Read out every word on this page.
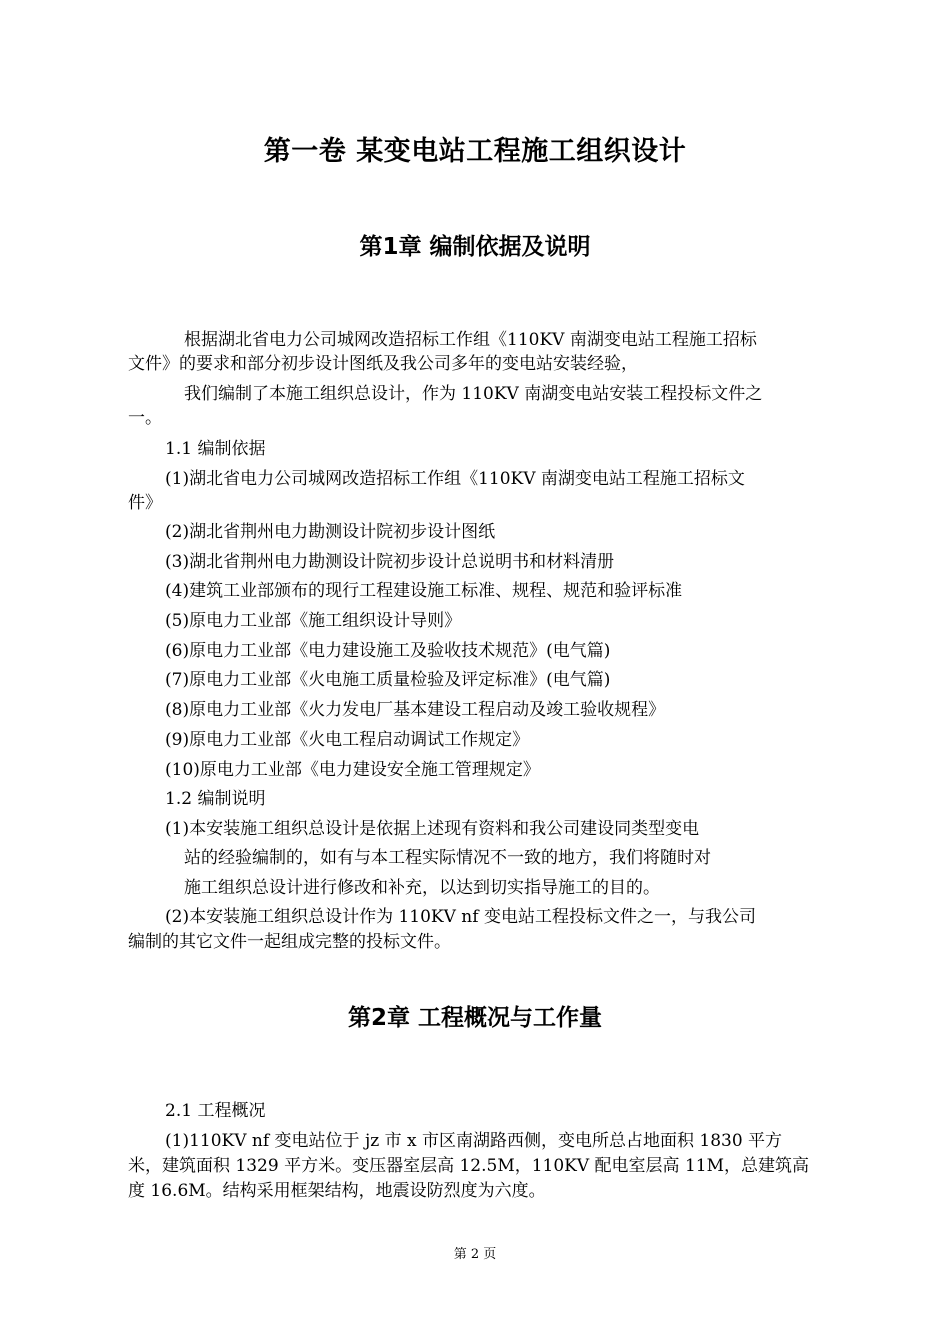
第一卷 某变电站工程施工组织设计
第1章 编制依据及说明
根据湖北省电力公司城网改造招标工作组《110KV 南湖变电站工程施工招标
文件》的要求和部分初步设计图纸及我公司多年的变电站安装经验，
我们编制了本施工组织总设计，作为 110KV 南湖变电站安装工程投标文件之
一。
1.1 编制依据
(1)湖北省电力公司城网改造招标工作组《110KV 南湖变电站工程施工招标文
件》
(2)湖北省荆州电力勘测设计院初步设计图纸
(3)湖北省荆州电力勘测设计院初步设计总说明书和材料清册
(4)建筑工业部颁布的现行工程建设施工标准、规程、规范和验评标准
(5)原电力工业部《施工组织设计导则》
(6)原电力工业部《电力建设施工及验收技术规范》(电气篇)
(7)原电力工业部《火电施工质量检验及评定标准》(电气篇)
(8)原电力工业部《火力发电厂基本建设工程启动及竣工验收规程》
(9)原电力工业部《火电工程启动调试工作规定》
(10)原电力工业部《电力建设安全施工管理规定》
1.2 编制说明
(1)本安装施工组织总设计是依据上述现有资料和我公司建设同类型变电
站的经验编制的，如有与本工程实际情况不一致的地方，我们将随时对
施工组织总设计进行修改和补充，以达到切实指导施工的目的。
(2)本安装施工组织总设计作为 110KV nf 变电站工程投标文件之一，与我公司
编制的其它文件一起组成完整的投标文件。
第2章 工程概况与工作量
2.1 工程概况
(1)110KV nf 变电站位于 jz 市 x 市区南湖路西侧，变电所总占地面积 1830 平方
米，建筑面积 1329 平方米。变压器室层高 12.5M，110KV 配电室层高 11M，总建筑高
度 16.6M。结构采用框架结构，地震设防烈度为六度。
第 2 页
